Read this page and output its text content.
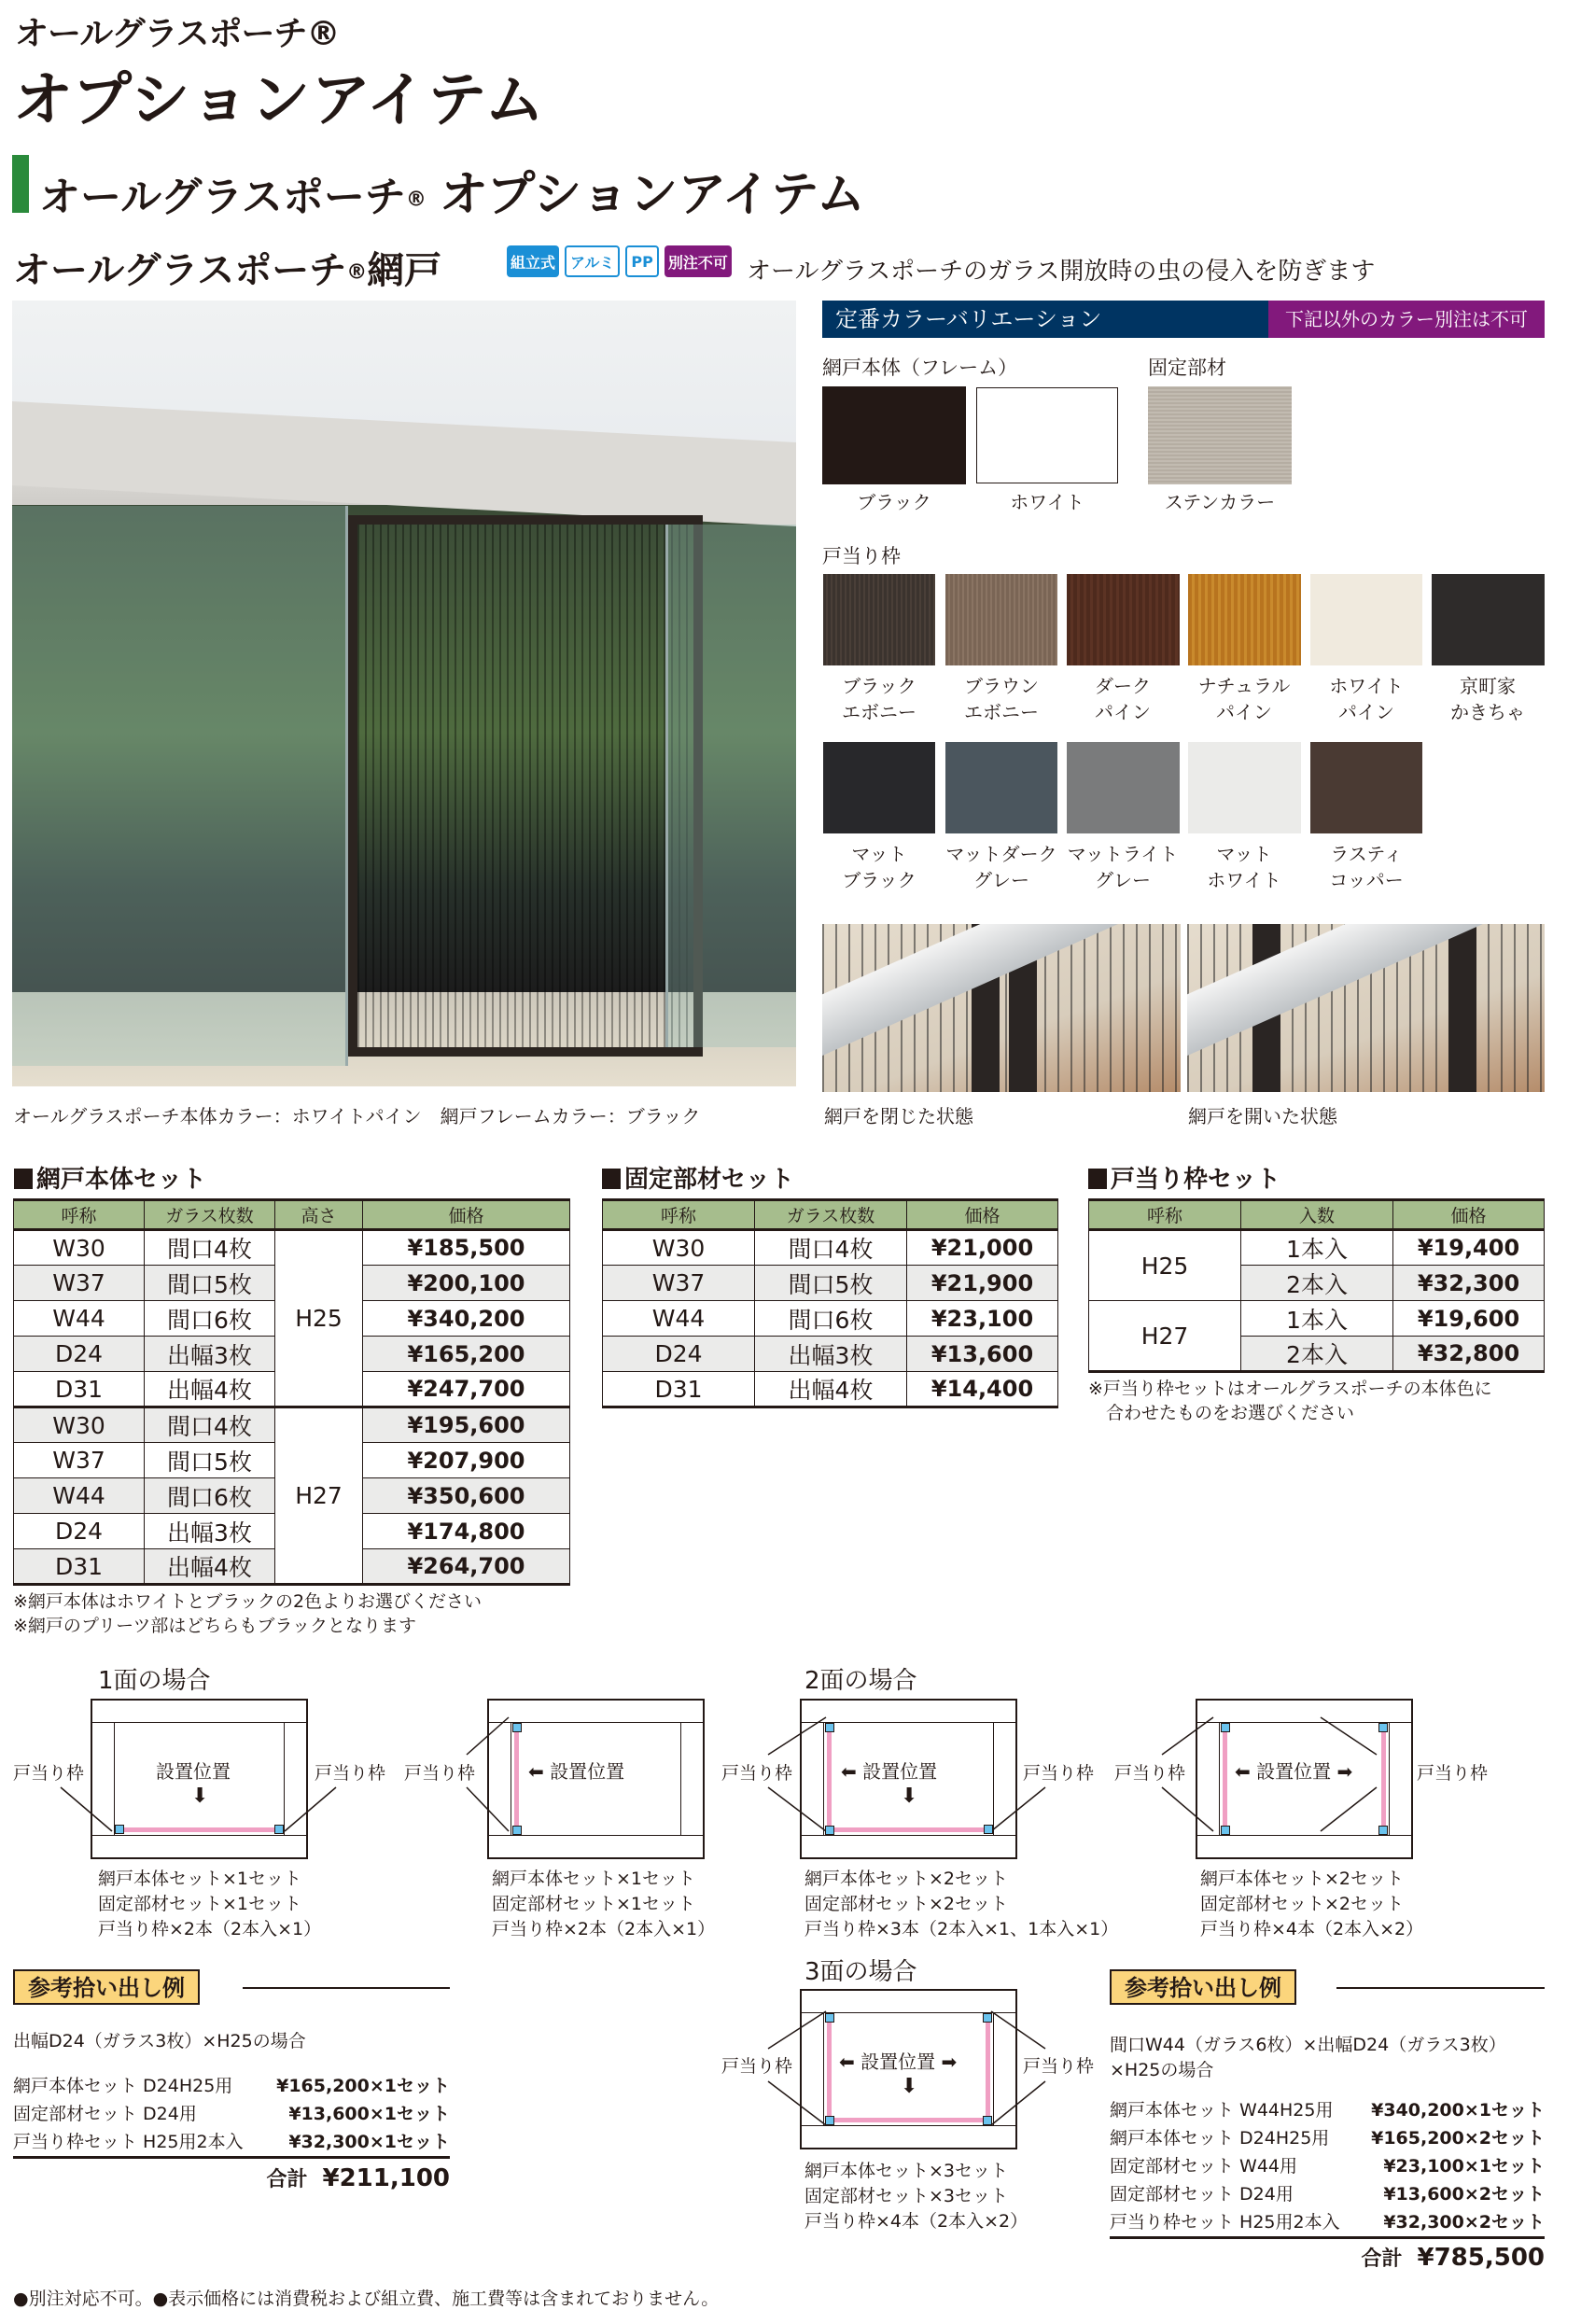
オールグラスポーチ®
オプションアイテム
オールグラスポーチ® オプションアイテム
オールグラスポーチ®網戸	組立式	アルミ	PP	別注不可 オールグラスポーチのガラス開放時の虫の侵入を防ぎます
オールグラスポーチ本体カラー：ホワイトパイン　網戸フレームカラー：ブラック
定番カラーバリエーション	下記以外のカラー別注は不可
網戸本体（フレーム）	固定部材
ブラック	ホワイト	ステンカラー
戸当り枠
ブラック
エボニー
ブラウン
エボニー
ダーク
パイン
ナチュラル
パイン
ホワイト
パイン
京町家
かきちゃ
マット
ブラック
マットダーク
グレー
マットライト
グレー
マット
ホワイト
ラスティ
コッパー
網戸を閉じた状態	網戸を開いた状態
網戸本体セット
呼称	ガラス枚数	高さ	価格
W30	間口4枚	H25	¥185,500
W37	間口5枚		¥200,100
W44	間口6枚		¥340,200
D24	出幅3枚		¥165,200
D31	出幅4枚		¥247,700
W30	間口4枚	H27	¥195,600
W37	間口5枚		¥207,900
W44	間口6枚		¥350,600
D24	出幅3枚		¥174,800
D31	出幅4枚		¥264,700
※網戸本体はホワイトとブラックの2色よりお選びください
※網戸のプリーツ部はどちらもブラックとなります
固定部材セット
呼称	ガラス枚数	価格
W30	間口4枚	¥21,000
W37	間口5枚	¥21,900
W44	間口6枚	¥23,100
D24	出幅3枚	¥13,600
D31	出幅4枚	¥14,400
戸当り枠セット
呼称	入数	価格
H25	1本入	¥19,400
	2本入	¥32,300
H27	1本入	¥19,600
	2本入	¥32,800
※戸当り枠セットはオールグラスポーチの本体色に
　合わせたものをお選びください
1面の場合	2面の場合
設置位置
⬇
戸当り枠	戸当り枠
網戸本体セット×1セット
固定部材セット×1セット
戸当り枠×2本（2本入×1）
⬅ 設置位置
戸当り枠
網戸本体セット×1セット
固定部材セット×1セット
戸当り枠×2本（2本入×1）
⬅ 設置位置
⬇
戸当り枠	戸当り枠
網戸本体セット×2セット
固定部材セット×2セット
戸当り枠×3本（2本入×1、1本入×1）
⬅ 設置位置 ➡
戸当り枠	戸当り枠
網戸本体セット×2セット
固定部材セット×2セット
戸当り枠×4本（2本入×2）
3面の場合
⬅ 設置位置 ➡
⬇
戸当り枠	戸当り枠
網戸本体セット×3セット
固定部材セット×3セット
戸当り枠×4本（2本入×2）
参考拾い出し例
出幅D24（ガラス3枚）×H25の場合
網戸本体セット D24H25用 ¥165,200×1セット
固定部材セット D24用	¥13,600×1セット
戸当り枠セット H25用2本入	¥32,300×1セット
合計 ¥211,100
参考拾い出し例
間口W44（ガラス6枚）×出幅D24（ガラス3枚）
×H25の場合
網戸本体セット W44H25用 ¥340,200×1セット
網戸本体セット D24H25用 ¥165,200×2セット
固定部材セット W44用	¥23,100×1セット
固定部材セット D24用	¥13,600×2セット
戸当り枠セット H25用2本入 ¥32,300×2セット
合計 ¥785,500
●別注対応不可。●表示価格には消費税および組立費、施工費等は含まれておりません。
